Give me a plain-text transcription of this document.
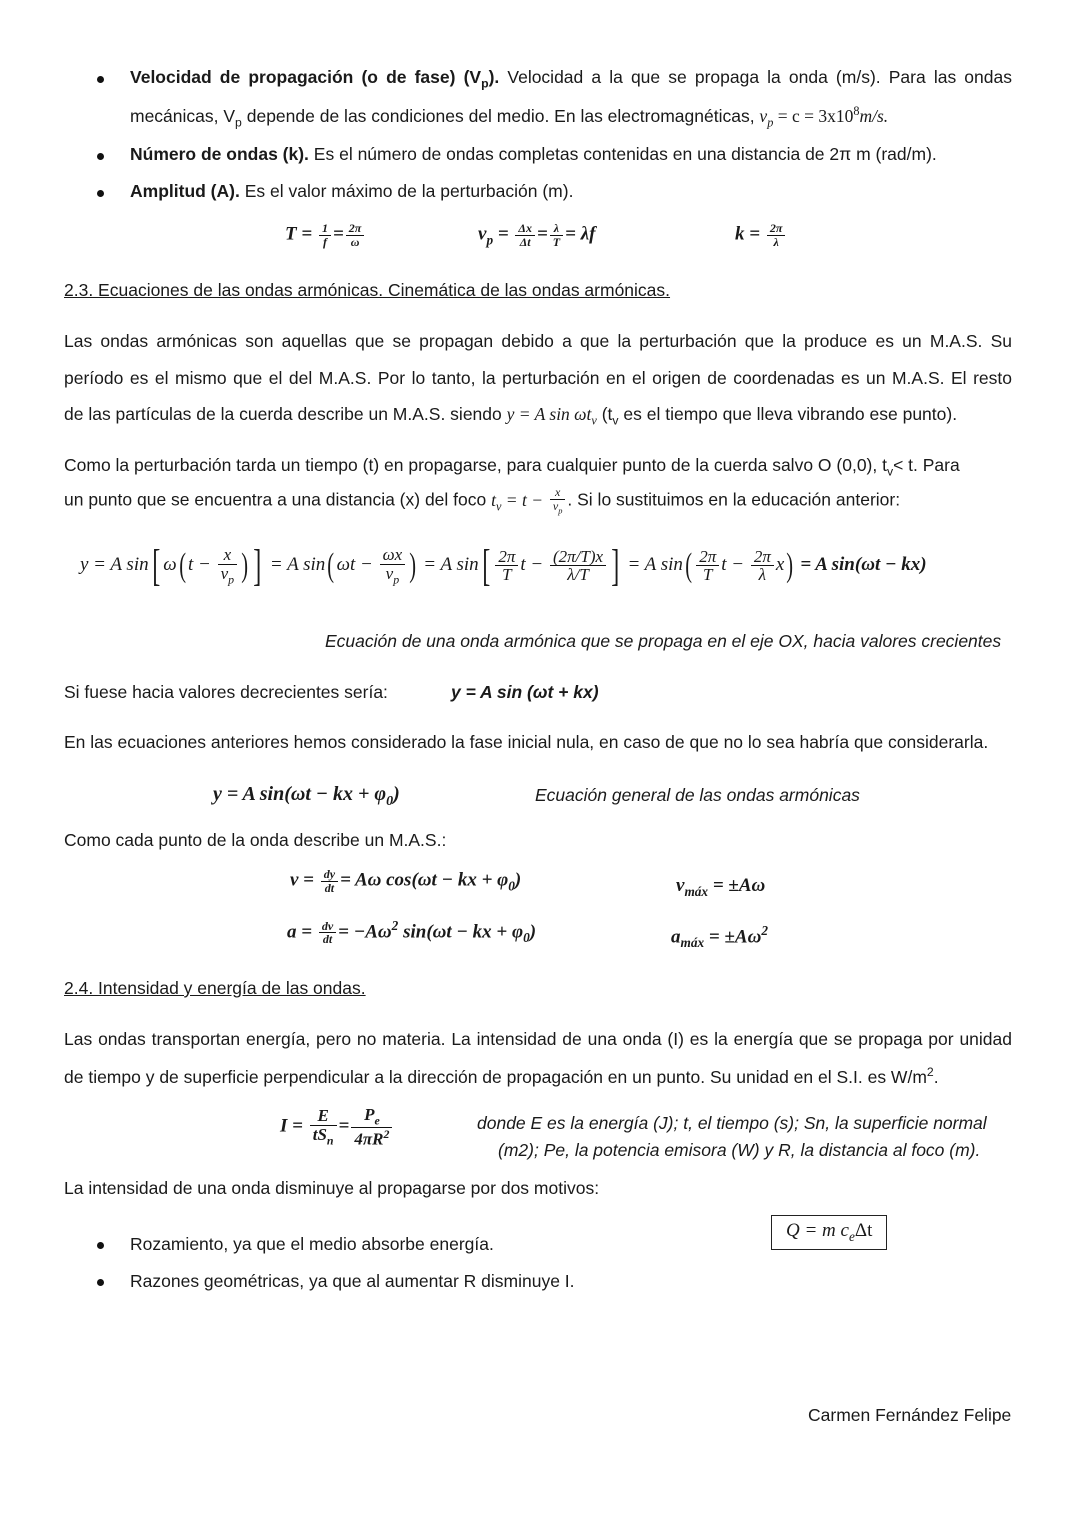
Velocidad de propagación (o de fase) $(V_p)$. Velocidad a la que se propaga la onda (m/s). Para las ondas
mecánicas, $V_p$ depende de las condiciones del medio. En las electromagnéticas, $v_p = c = 3x10^8m/s$.
Número de ondas (k). Es el número de ondas completas contenidas en una distancia de 2π m (rad/m).
Amplitud (A). Es el valor máximo de la perturbación (m).
$T = \frac{1}{f} = \frac{2\pi}{\omega}$	$v_p = \frac{\Delta x}{\Delta t} = \frac{\lambda}{T} = \lambda f$	$k = \frac{2\pi}{\lambda}$
2.3. Ecuaciones de las ondas armónicas. Cinemática de las ondas armónicas.
Las ondas armónicas son aquellas que se propagan debido a que la perturbación que la produce es un M.A.S. Su
período es el mismo que el del M.A.S. Por lo tanto, la perturbación en el origen de coordenadas es un M.A.S. El resto
de las partículas de la cuerda describe un M.A.S. siendo y = A $\sin \omega t_v$ ($t_v$ es el tiempo que lleva vibrando ese punto).
Como la perturbación tarda un tiempo (t) en propagarse, para cualquier punto de la cuerda salvo O (0,0), $t_v< t$. Para
un punto que se encuentra a una distancia (x) del foco $t_v = t - \frac{x}{v_p}$ . Si lo sustituimos en la educación anterior:
y = A sin[ ω( $t - \frac{x}{v_p}$ ) ] = A sin( $\omega t - \frac{\omega x}{v_p}$ ) = A $\sin[ \frac{2\pi}{T}$ $t - \frac{(2\pi/T)x}{\lambda/T}$ ] = A $\sin( \frac{2\pi}{T}$ $t - \frac{2\pi}{\lambda} x) = A$ sin(ωt − kx)
Ecuación de una onda armónica que se propaga en el eje OX, hacia valores crecientes
Si fuese hacia valores decrecientes sería:	y = A sin (ωt + kx)
En las ecuaciones anteriores hemos considerado la fase inicial nula, en caso de que no lo sea habría que considerarla.
y = A sin(ωt − kx + $\varphi_0$)	Ecuación general de las ondas armónicas
Como cada punto de la onda describe un M.A.S.:
$v = \frac{dy}{dt} = A\omega$ cos(ωt − kx + $\varphi_0$)	$v_{máx} = \pm A\omega$
$a = \frac{dv}{dt} = -A\omega^2$ sin(ωt − kx + $\varphi_0$)	$a_{máx} = \pm A\omega^2$
2.4. Intensidad y energía de las ondas.
Las ondas transportan energía, pero no materia. La intensidad de una onda (I) es la energía que se propaga por unidad
de tiempo y de superficie perpendicular a la dirección de propagación en un punto. Su unidad en el S.I. es $W/m^2$.
$I = \frac{E}{tS_n} = \frac{P_e}{4\pi R^2}$	donde E es la energía (J); t, el tiempo (s); Sn, la superficie normal
(m2); Pe, la potencia emisora (W) y R, la distancia al foco (m).
La intensidad de una onda disminuye al propagarse por dos motivos:
Q = m $c_e\Delta t$
Rozamiento, ya que el medio absorbe energía.
Razones geométricas, ya que al aumentar R disminuye I.
Carmen Fernández Felipe
